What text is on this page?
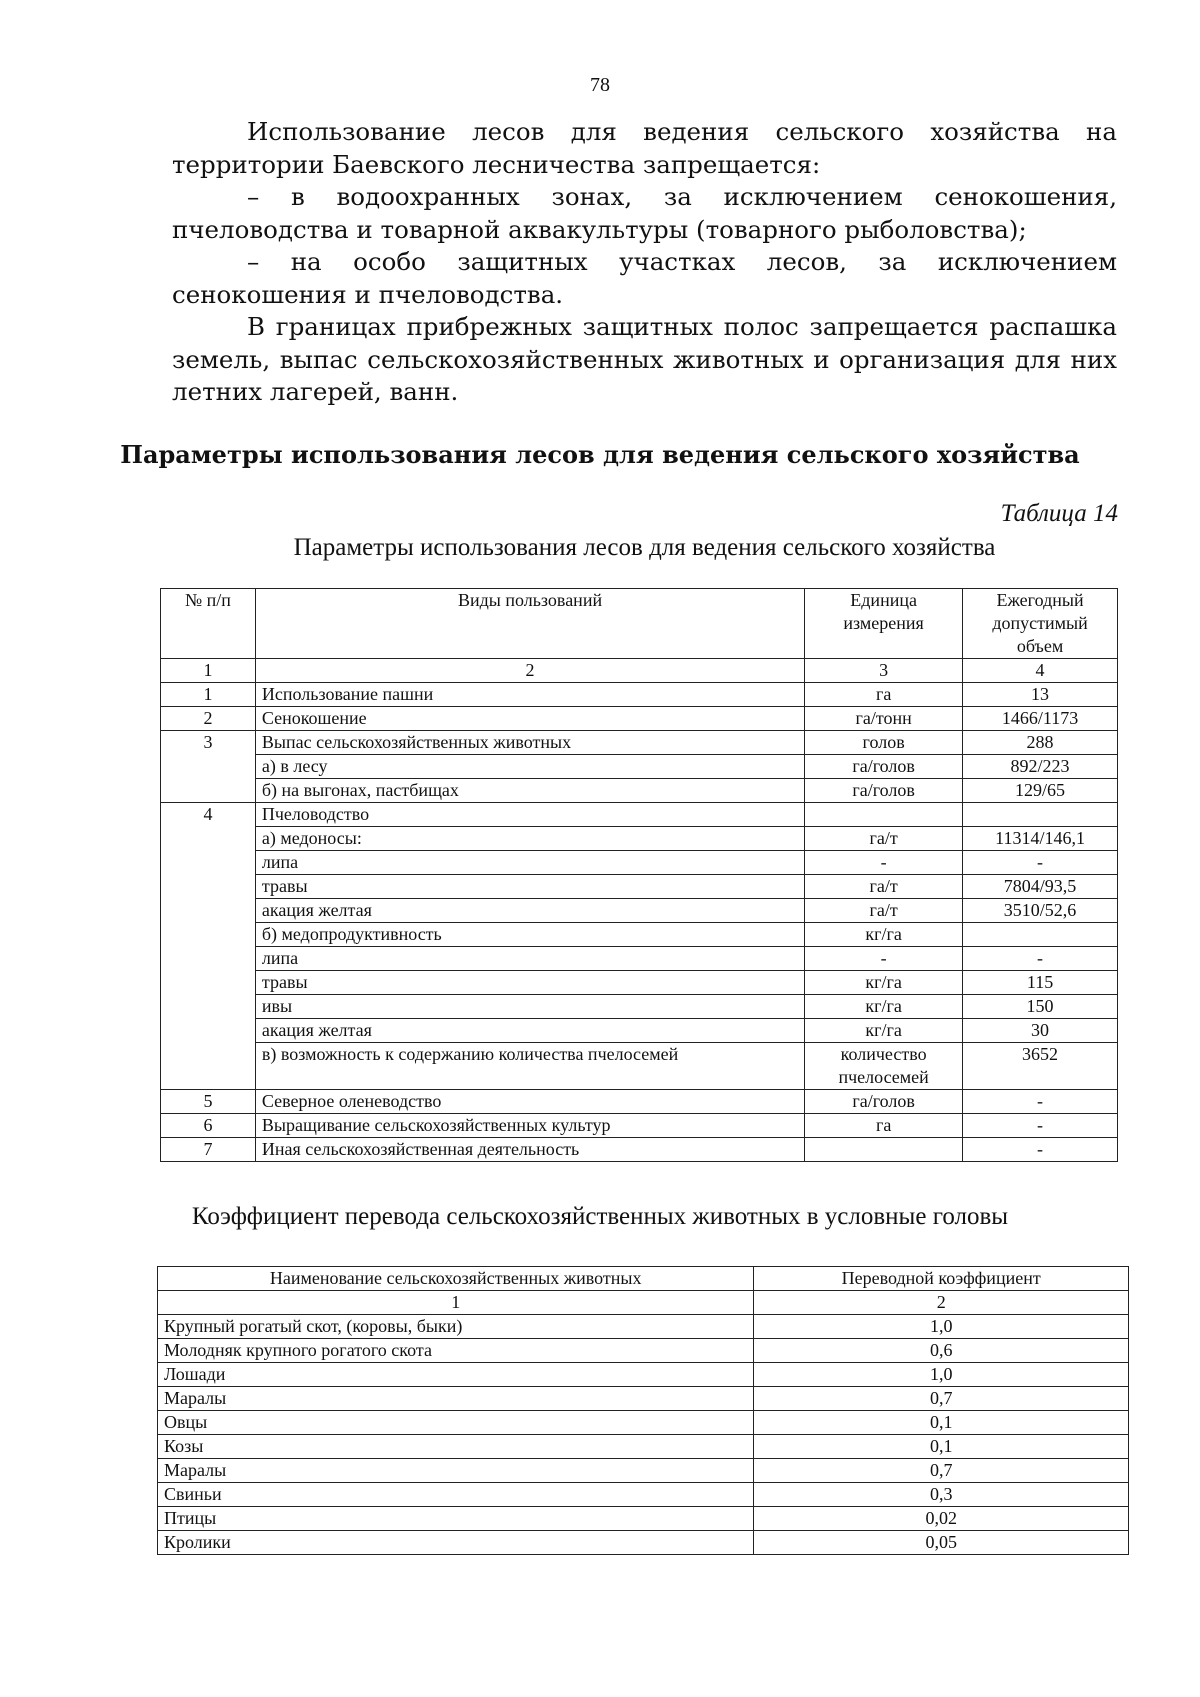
78

Использование лесов для ведения сельского хозяйства на территории Баевского лесничества запрещается:

– в водоохранных зонах, за исключением сенокошения, пчеловодства и товарной аквакультуры (товарного рыболовства);

– на особо защитных участках лесов, за исключением сенокошения и пчеловодства.

В границах прибрежных защитных полос запрещается распашка земель, выпас сельскохозяйственных животных и организация для них летних лагерей, ванн.

Параметры использования лесов для ведения сельского хозяйства
Таблица 14
Параметры использования лесов для ведения сельского хозяйства
№ п/п	Виды пользований	Единица измерения	Ежегодный допустимый объем
1	2	3	4
1	Использование пашни	га	13
2	Сенокошение	га/тонн	1466/1173
3	Выпас сельскохозяйственных животных	голов	288
	а) в лесу	га/голов	892/223
	б) на выгонах, пастбищах	га/голов	129/65
4	Пчеловодство		
	а) медоносы:	га/т	11314/146,1
	липа	-	-
	травы	га/т	7804/93,5
	акация желтая	га/т	3510/52,6
	б) медопродуктивность	кг/га	
	липа	-	-
	травы	кг/га	115
	ивы	кг/га	150
	акация желтая	кг/га	30
	в) возможность к содержанию количества пчелосемей	количество пчелосемей	3652
5	Северное оленеводство	га/голов	-
6	Выращивание сельскохозяйственных культур	га	-
7	Иная сельскохозяйственная деятельность		-
Коэффициент перевода сельскохозяйственных животных в условные головы
Наименование сельскохозяйственных животных	Переводной коэффициент
1	2
Крупный рогатый скот, (коровы, быки)	1,0
Молодняк крупного рогатого скота	0,6
Лошади	1,0
Маралы	0,7
Овцы	0,1
Козы	0,1
Маралы	0,7
Свиньи	0,3
Птицы	0,02
Кролики	0,05
